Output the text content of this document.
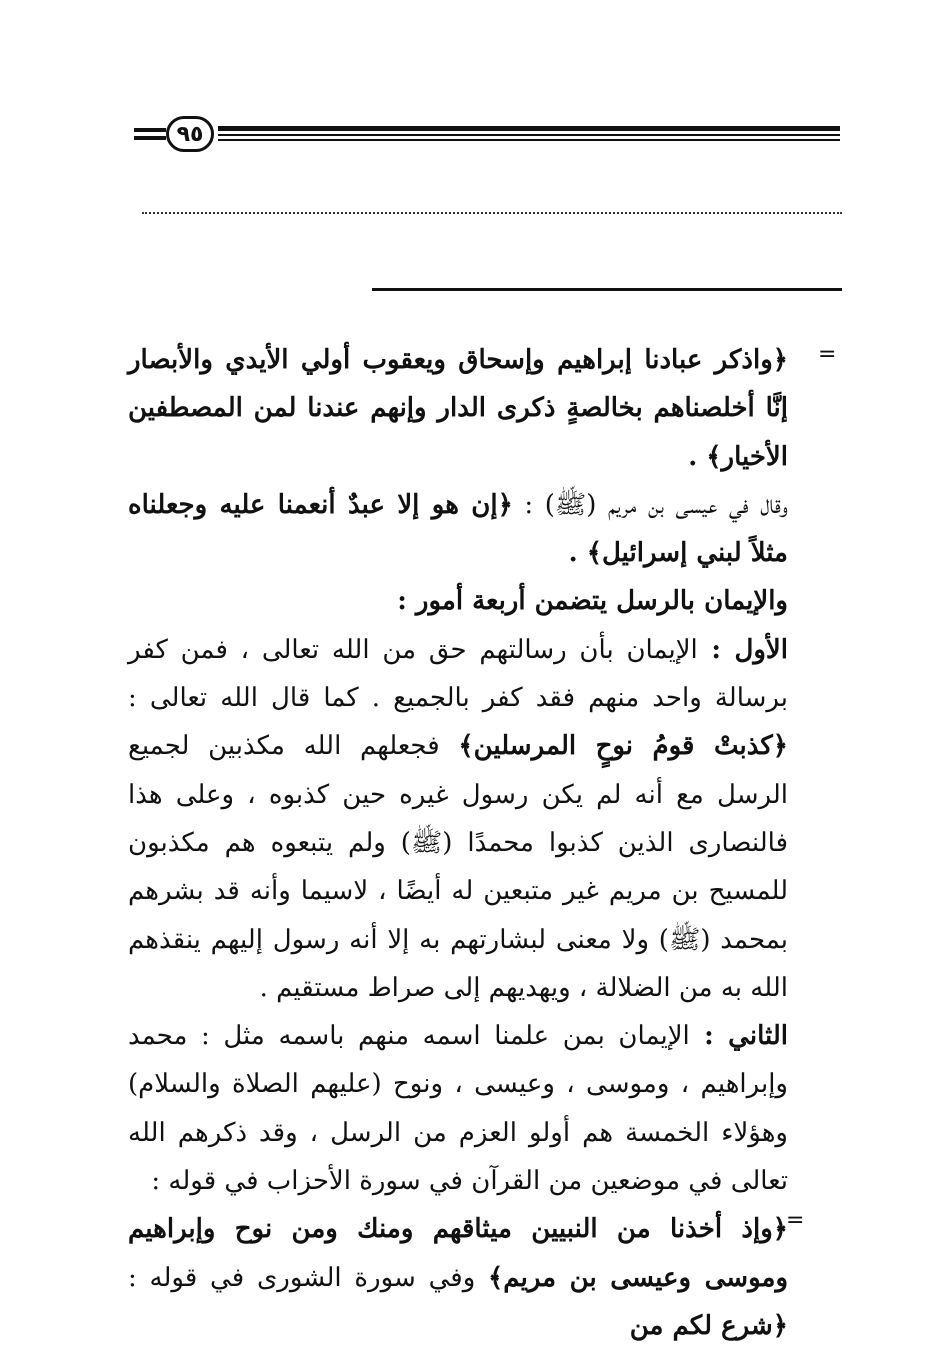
٩٥
=

﴿واذكر عبادنا إبراهيم وإسحاق ويعقوب أولي الأيدي والأبصار إنَّا أخلصناهم بخالصةٍ ذكرى الدار وإنهم عندنا لمن المصطفين الأخيار﴾ .

وقال في عيسى بن مريم (ﷺ) : ﴿إن هو إلا عبدٌ أنعمنا عليه وجعلناه مثلاً لبني إسرائيل﴾ .

والإيمان بالرسل يتضمن أربعة أمور :

الأول : الإيمان بأن رسالتهم حق من الله تعالى ، فمن كفر برسالة واحد منهم فقد كفر بالجميع . كما قال الله تعالى : ﴿كذبتْ قومُ نوحٍ المرسلين﴾ فجعلهم الله مكذبين لجميع الرسل مع أنه لم يكن رسول غيره حين كذبوه ، وعلى هذا فالنصارى الذين كذبوا محمدًا (ﷺ) ولم يتبعوه هم مكذبون للمسيح بن مريم غير متبعين له أيضًا ، لاسيما وأنه قد بشرهم بمحمد (ﷺ) ولا معنى لبشارتهم به إلا أنه رسول إليهم ينقذهم الله به من الضلالة ، ويهديهم إلى صراط مستقيم .

الثاني : الإيمان بمن علمنا اسمه منهم باسمه مثل : محمد وإبراهيم ، وموسى ، وعيسى ، ونوح (عليهم الصلاة والسلام) وهؤلاء الخمسة هم أولو العزم من الرسل ، وقد ذكرهم الله تعالى في موضعين من القرآن في سورة الأحزاب في قوله :

﴿وإذ أخذنا من النبيين ميثاقهم ومنك ومن نوح وإبراهيم وموسى وعيسى بن مريم﴾ وفي سورة الشورى في قوله : ﴿شرع لكم من

=
